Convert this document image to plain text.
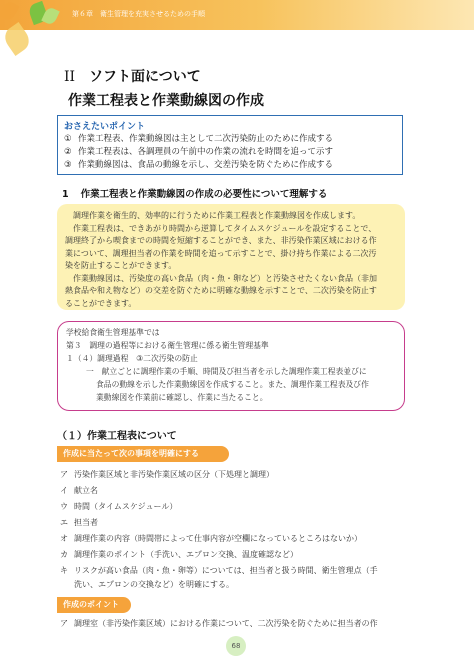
第６章　衛生管理を充実させるための手順
II ソフト面について
作業工程表と作業動線図の作成
おさえたいポイント
① 作業工程表、作業動線図は主として二次汚染防止のために作成する
② 作業工程表は、各調理員の午前中の作業の流れを時間を追って示す
③ 作業動線図は、食品の動線を示し、交差汚染を防ぐために作成する
1 作業工程表と作業動線図の作成の必要性について理解する
調理作業を衛生的、効率的に行うために作業工程表と作業動線図を作成します。
作業工程表は、できあがり時間から逆算してタイムスケジュールを設定することで、
調理終了から喫食までの時間を短縮することができ、また、非汚染作業区域における作
業について、調理担当者の作業を時間を追って示すことで、掛け持ち作業による二次汚
染を防止することができます。
作業動線図は、汚染度の高い食品（肉・魚・卵など）と汚染させたくない食品（非加
熱食品や和え物など）の交差を防ぐために明確な動線を示すことで、二次汚染を防止す
ることができます。
学校給食衛生管理基準では
第３　調理の過程等における衛生管理に係る衛生管理基準
１（４）調理過程　③二次汚染の防止
一　献立ごとに調理作業の手順、時間及び担当者を示した調理作業工程表並びに
食品の動線を示した作業動線図を作成すること。また、調理作業工程表及び作
業動線図を作業前に確認し、作業に当たること。
（１）作業工程表について
作成に当たって次の事項を明確にする
ア 汚染作業区域と非汚染作業区域の区分（下処理と調理）
イ 献立名
ウ 時間（タイムスケジュール）
エ 担当者
オ 調理作業の内容（時間帯によって仕事内容が空欄になっているところはないか）
カ 調理作業のポイント（手洗い、エプロン交換、温度確認など）
キ リスクが高い食品（肉・魚・卵等）については、担当者と扱う時間、衛生管理点（手
洗い、エプロンの交換など）を明確にする。
作成のポイント
ア 調理室（非汚染作業区域）における作業について、二次汚染を防ぐために担当者の作
68
